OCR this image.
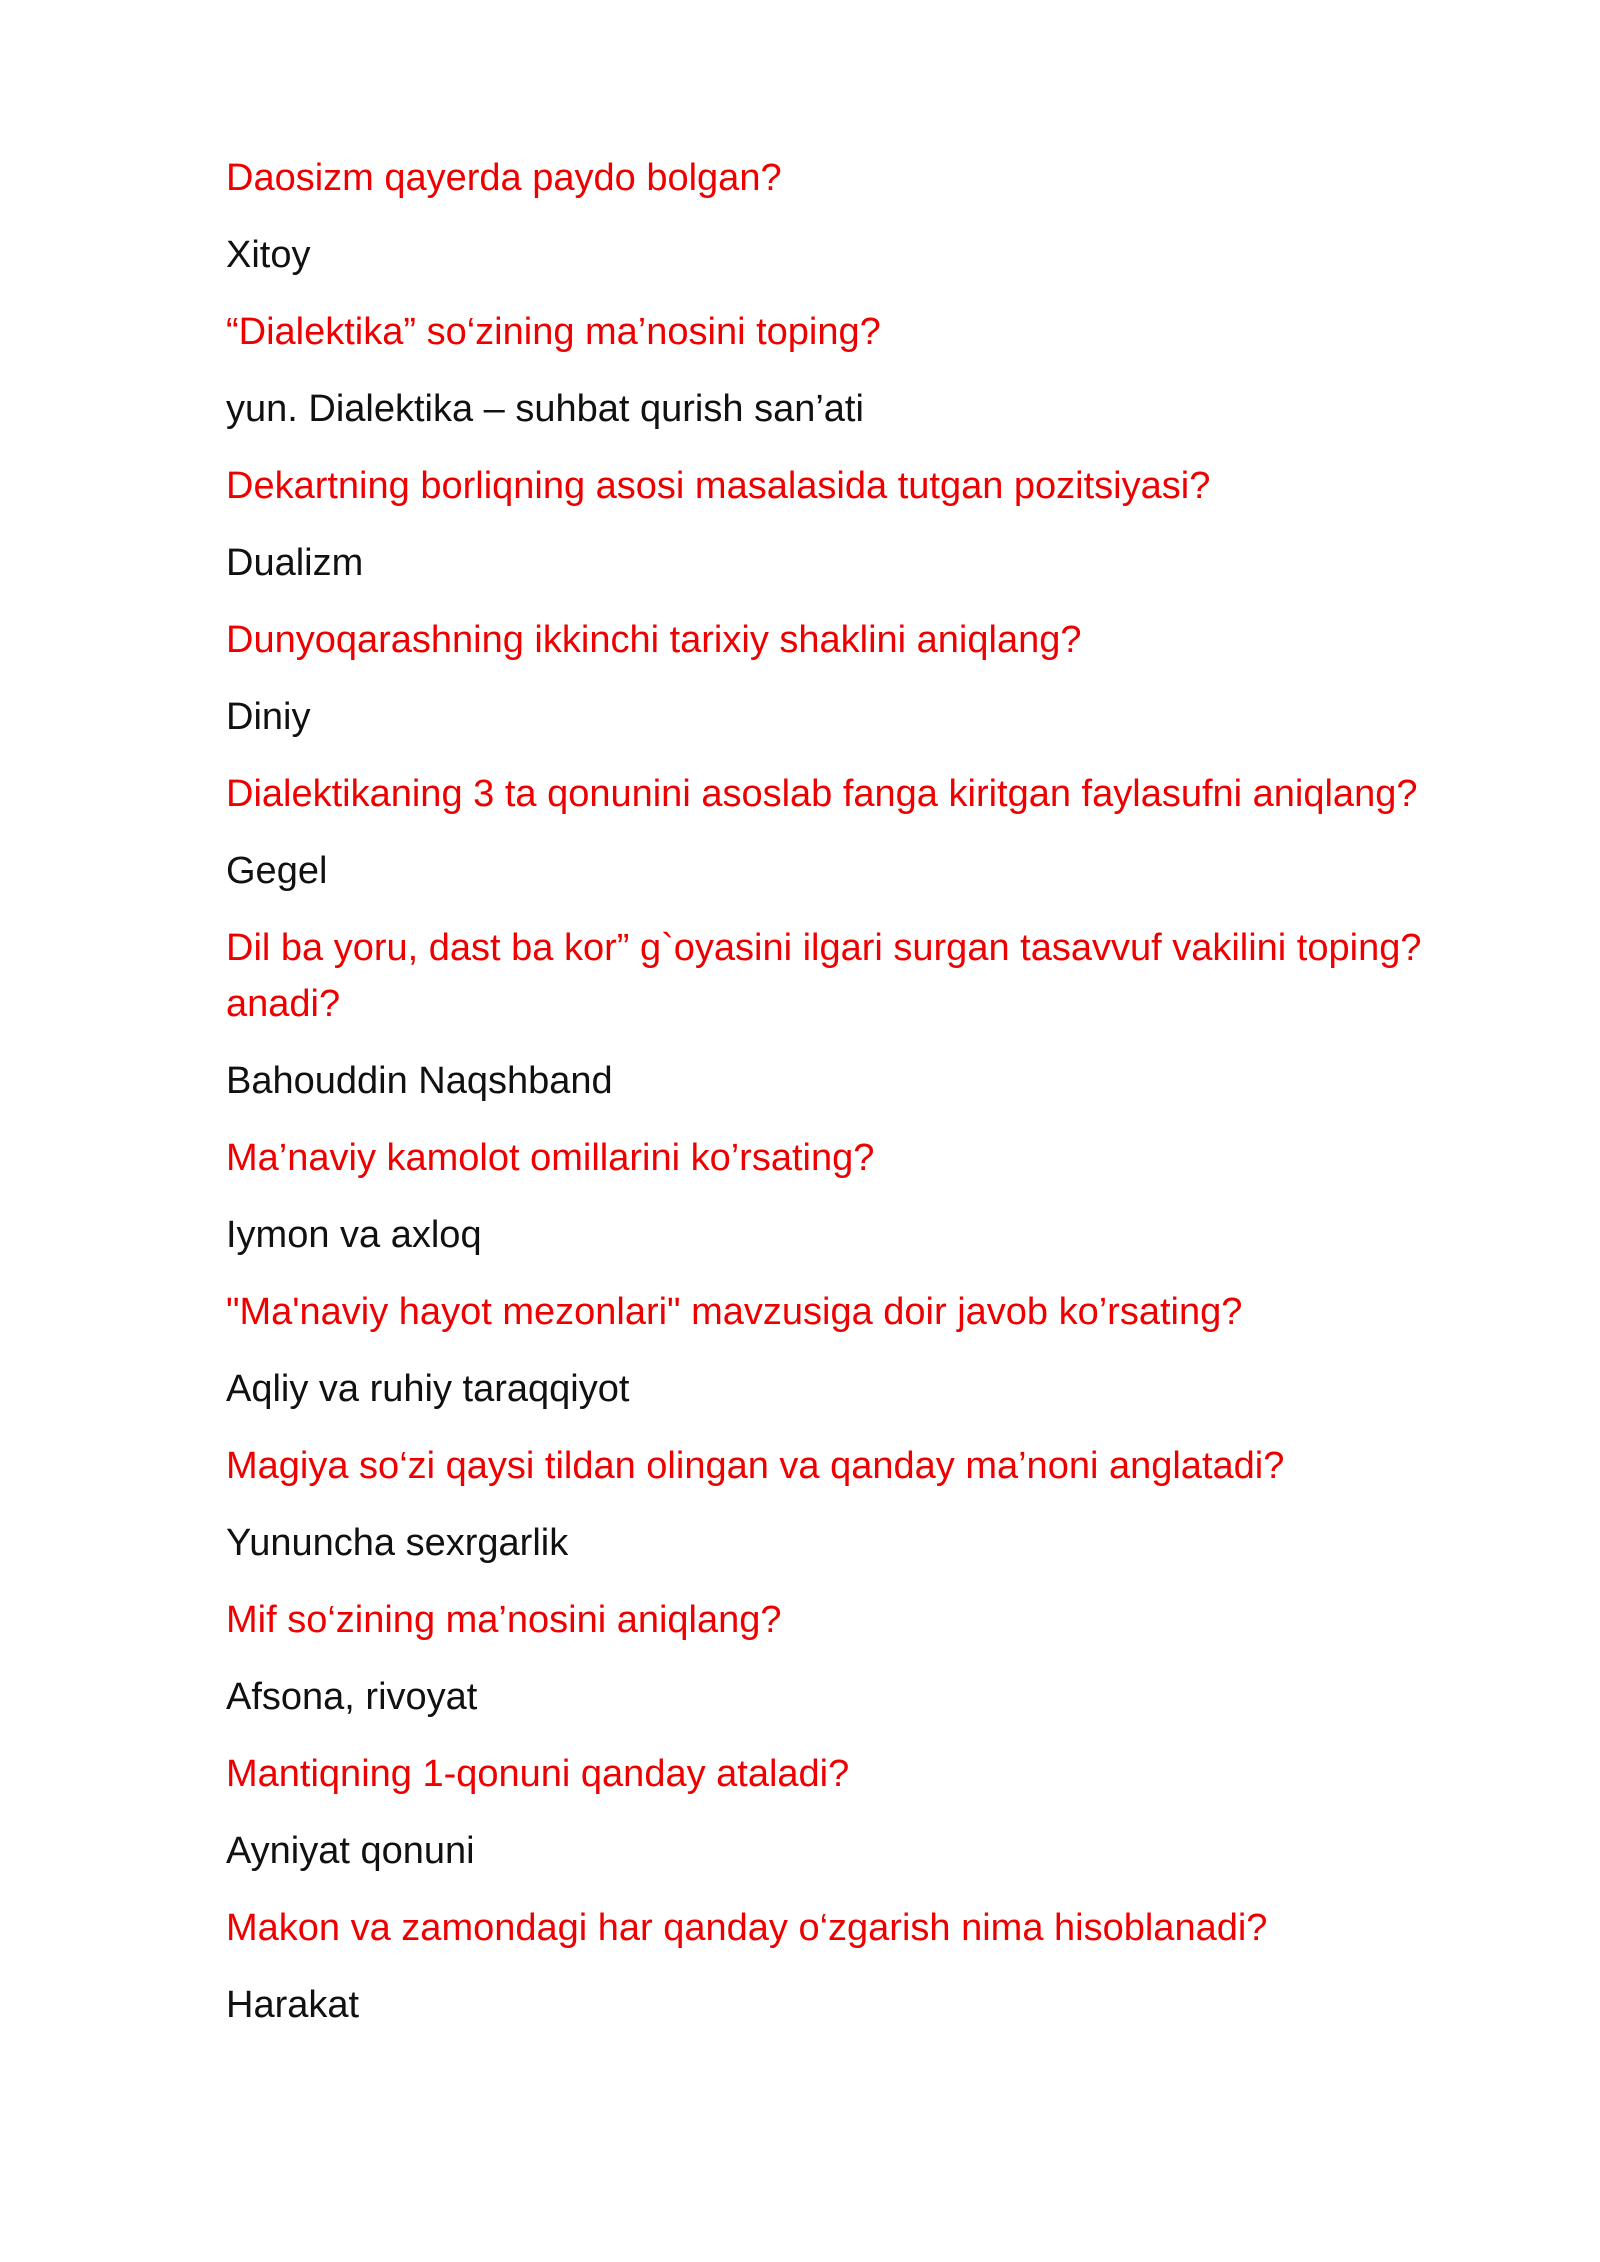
Daosizm qayerda paydo bolgan?

Xitoy

“Dialektika” so‘zining ma’nosini toping?

yun. Dialektika – suhbat qurish san’ati

Dekartning borliqning asosi masalasida tutgan pozitsiyasi?

Dualizm

Dunyoqarashning ikkinchi tarixiy shaklini aniqlang?

Diniy

Dialektikaning 3 ta qonunini asoslab fanga kiritgan faylasufni aniqlang?

Gegel

Dil ba yoru, dast ba kor” g`oyasini ilgari surgan tasavvuf vakilini toping? anadi?

Bahouddin Naqshband

Ma’naviy kamolot omillarini ko’rsating?

Iymon va axloq

"Ma'naviy hayot mezonlari" mavzusiga doir javob ko’rsating?

Aqliy va ruhiy taraqqiyot

Magiya so‘zi qaysi tildan olingan va qanday ma’noni anglatadi?

Yununcha sexrgarlik

Mif so‘zining ma’nosini aniqlang?

Afsona, rivoyat

Mantiqning 1-qonuni qanday ataladi?

Ayniyat qonuni

Makon va zamondagi har qanday o‘zgarish nima hisoblanadi?

Harakat
